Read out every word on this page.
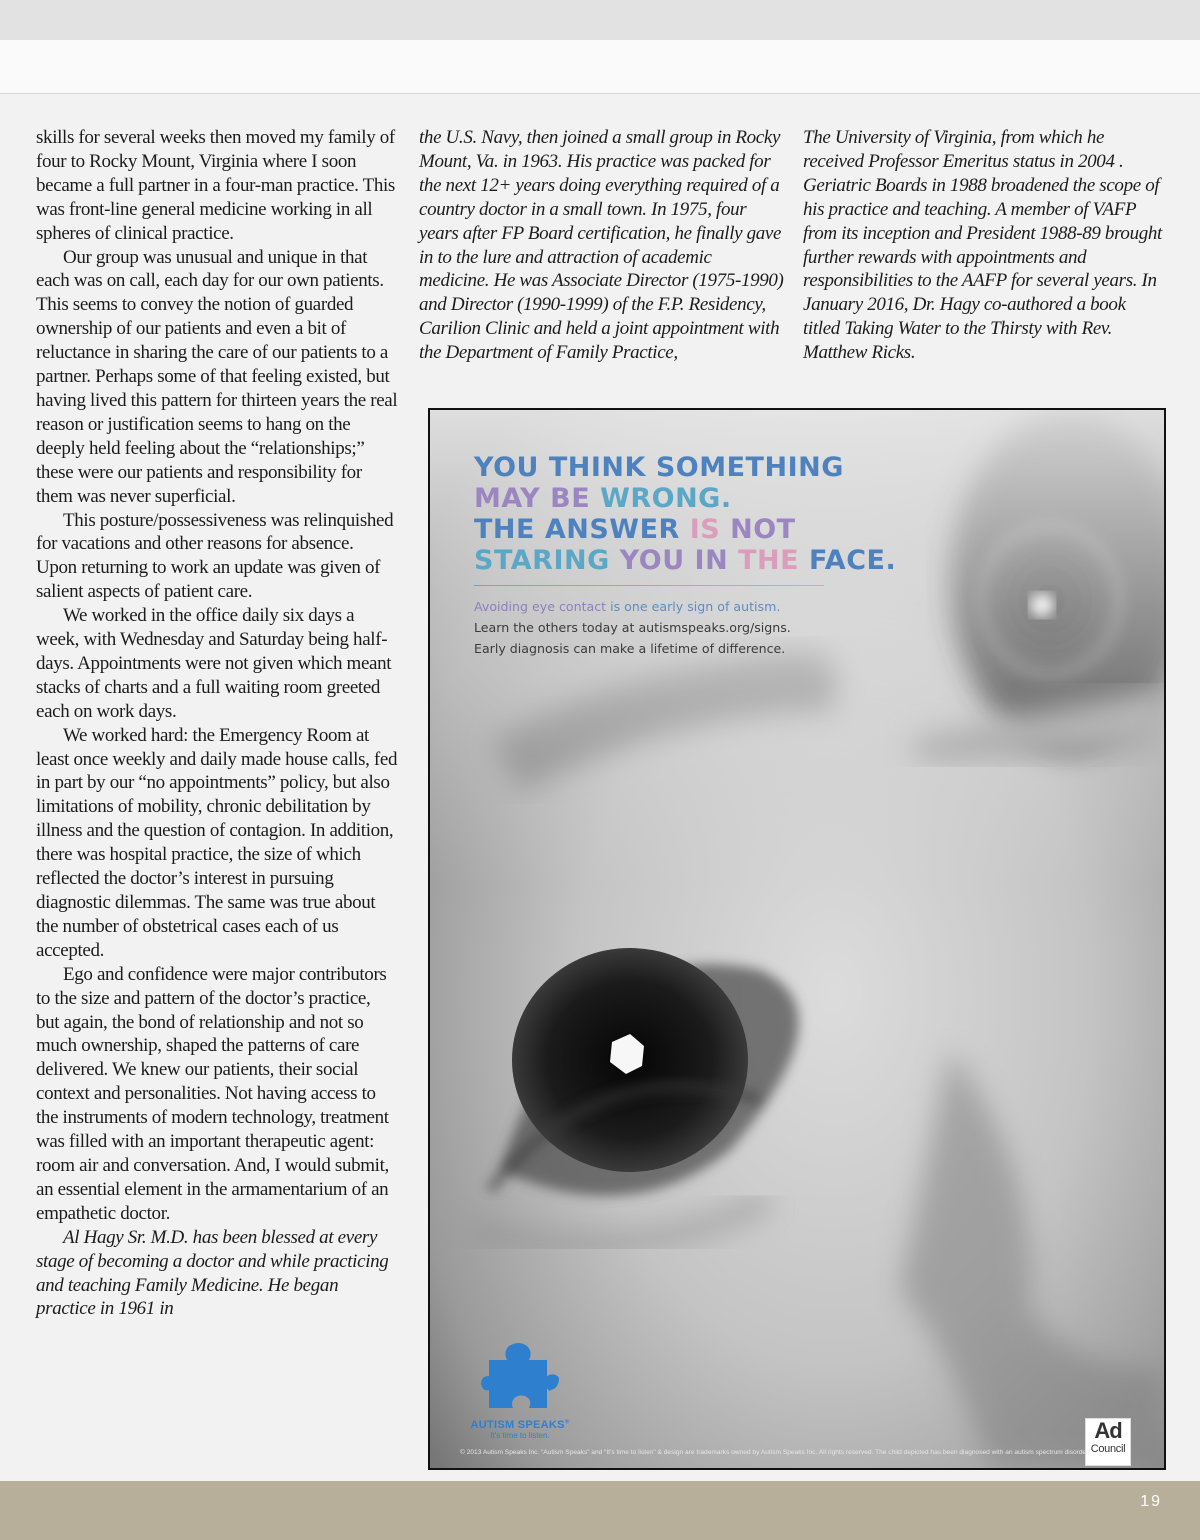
skills for several weeks then moved my family of four to Rocky Mount, Virginia where I soon became a full partner in a four-man practice. This was front-line general medicine working in all spheres of clinical practice.

Our group was unusual and unique in that each was on call, each day for our own patients. This seems to convey the notion of guarded ownership of our patients and even a bit of reluctance in sharing the care of our patients to a partner. Perhaps some of that feeling existed, but having lived this pattern for thirteen years the real reason or justification seems to hang on the deeply held feeling about the “relationships;” these were our patients and responsibility for them was never superficial.

This posture/possessiveness was relinquished for vacations and other reasons for absence. Upon returning to work an update was given of salient aspects of patient care.

We worked in the office daily six days a week, with Wednesday and Saturday being half-days. Appointments were not given which meant stacks of charts and a full waiting room greeted each on work days.

We worked hard: the Emergency Room at least once weekly and daily made house calls, fed in part by our “no appointments” policy, but also limitations of mobility, chronic debilitation by illness and the question of contagion. In addition, there was hospital practice, the size of which reflected the doctor’s interest in pursuing diagnostic dilemmas. The same was true about the number of obstetrical cases each of us accepted.

Ego and confidence were major contributors to the size and pattern of the doctor’s practice, but again, the bond of relationship and not so much ownership, shaped the patterns of care delivered. We knew our patients, their social context and personalities. Not having access to the instruments of modern technology, treatment was filled with an important therapeutic agent: room air and conversation. And, I would submit, an essential element in the armamentarium of an empathetic doctor.

Al Hagy Sr. M.D. has been blessed at every stage of becoming a doctor and while practicing and teaching Family Medicine. He began practice in 1961 in

the U.S. Navy, then joined a small group in Rocky Mount, Va. in 1963. His practice was packed for the next 12+ years doing everything required of a country doctor in a small town. In 1975, four years after FP Board certification, he finally gave in to the lure and attraction of academic medicine. He was Associate Director (1975-1990) and Director (1990-1999) of the F.P. Residency, Carilion Clinic and held a joint appointment with the Department of Family Practice,
The University of Virginia, from which he received Professor Emeritus status in 2004 . Geriatric Boards in 1988 broadened the scope of his practice and teaching. A member of VAFP from its inception and President 1988-89 brought further rewards with appointments and responsibilities to the AAFP for several years. In January 2016, Dr. Hagy co-authored a book titled Taking Water to the Thirsty with Rev. Matthew Ricks.
YOU THINK SOMETHING
MAY BE WRONG.
THE ANSWER IS NOT
STARING YOU IN THE FACE.
Avoiding eye contact is one early sign of autism.
Learn the others today at autismspeaks.org/signs.
Early diagnosis can make a lifetime of difference.
AUTISM SPEAKS®
It's time to listen.	Ad
Council
© 2013 Autism Speaks Inc. “Autism Speaks” and “It’s time to listen” & design are trademarks owned by Autism Speaks Inc. All rights reserved. The child depicted has been diagnosed with an autism spectrum disorder.
19
